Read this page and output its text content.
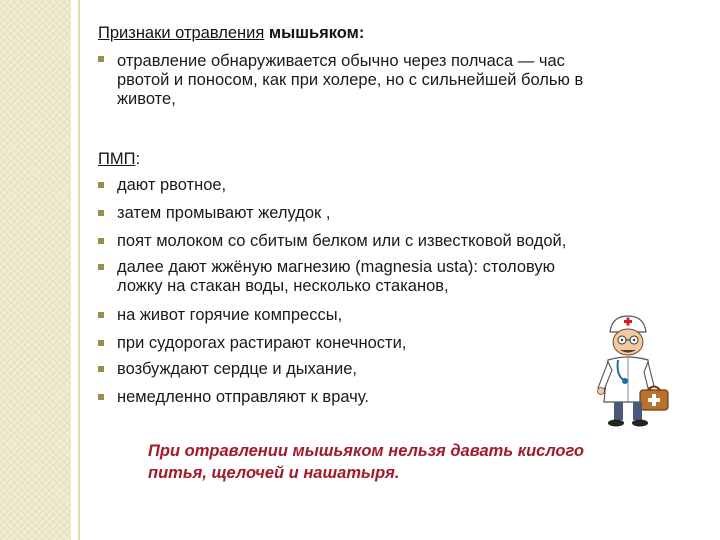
Признаки отравления мышьяком:
отравление обнаруживается обычно через полчаса — час
рвотой и поносом, как при холере, но с сильнейшей болью в
животе,
ПМП:
дают рвотное,
затем промывают желудок ,
поят молоком со сбитым белком или с известковой водой,
далее дают жжёную магнезию (magnesia usta): столовую
ложку на стакан воды, несколько стаканов,
на живот горячие компрессы,
при судорогах растирают конечности,
возбуждают сердце и дыхание,
немедленно отправляют к врачу.
При отравлении мышьяком нельзя давать кислого
питья, щелочей и нашатыря.
